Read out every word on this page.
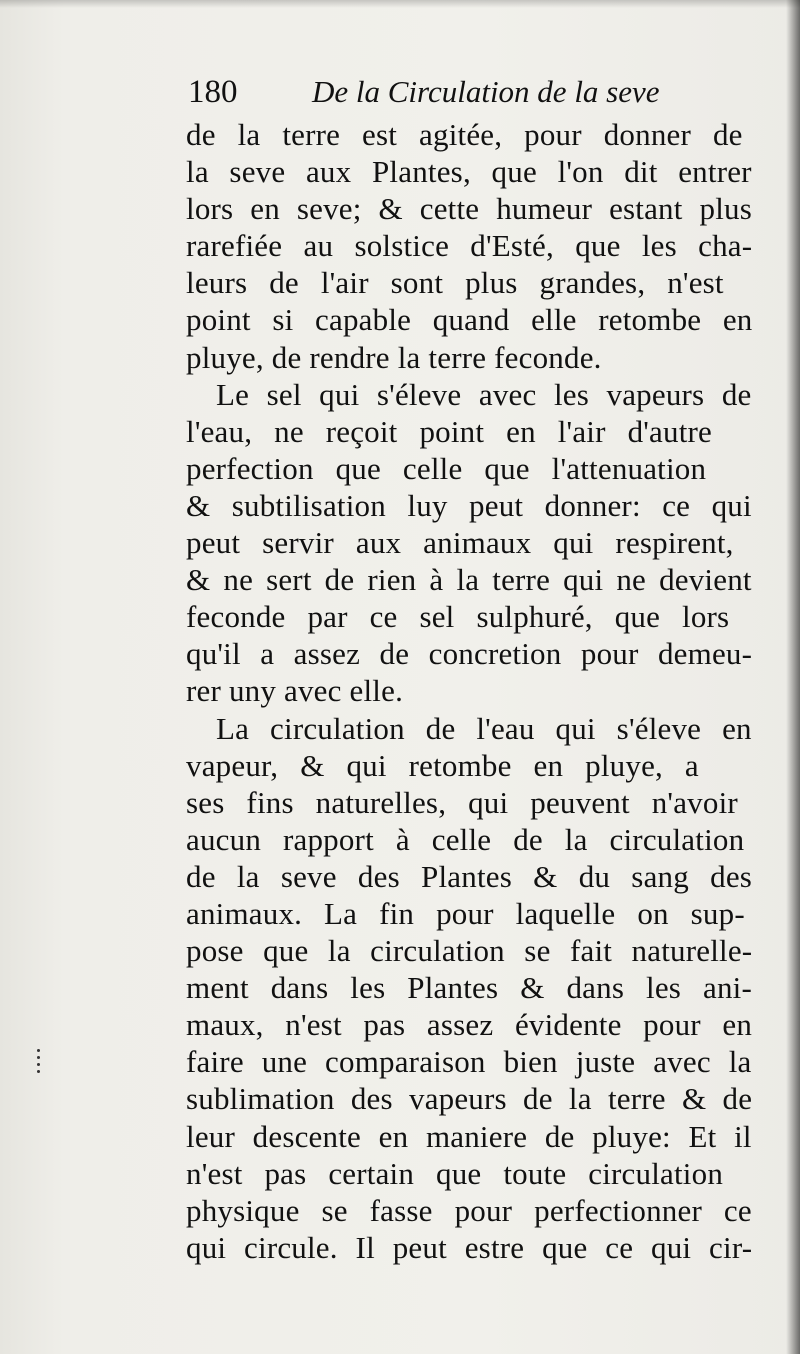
180 De la Circulation de la seve
de la terre est agitée, pour donner de
la seve aux Plantes, que l'on dit entrer
lors en seve; & cette humeur estant plus
rarefiée au solstice d'Esté, que les cha-
leurs de l'air sont plus grandes, n'est
point si capable quand elle retombe en
pluye, de rendre la terre feconde.
Le sel qui s'éleve avec les vapeurs de
l'eau, ne reçoit point en l'air d'autre
perfection que celle que l'attenuation
& subtilisation luy peut donner: ce qui
peut servir aux animaux qui respirent,
& ne sert de rien à la terre qui ne devient
feconde par ce sel sulphuré, que lors
qu'il a assez de concretion pour demeu-
rer uny avec elle.
La circulation de l'eau qui s'éleve en
vapeur, & qui retombe en pluye, a
ses fins naturelles, qui peuvent n'avoir
aucun rapport à celle de la circulation
de la seve des Plantes & du sang des
animaux. La fin pour laquelle on sup-
pose que la circulation se fait naturelle-
ment dans les Plantes & dans les ani-
maux, n'est pas assez évidente pour en
faire une comparaison bien juste avec la
sublimation des vapeurs de la terre & de
leur descente en maniere de pluye: Et il
n'est pas certain que toute circulation
physique se fasse pour perfectionner ce
qui circule. Il peut estre que ce qui cir-
